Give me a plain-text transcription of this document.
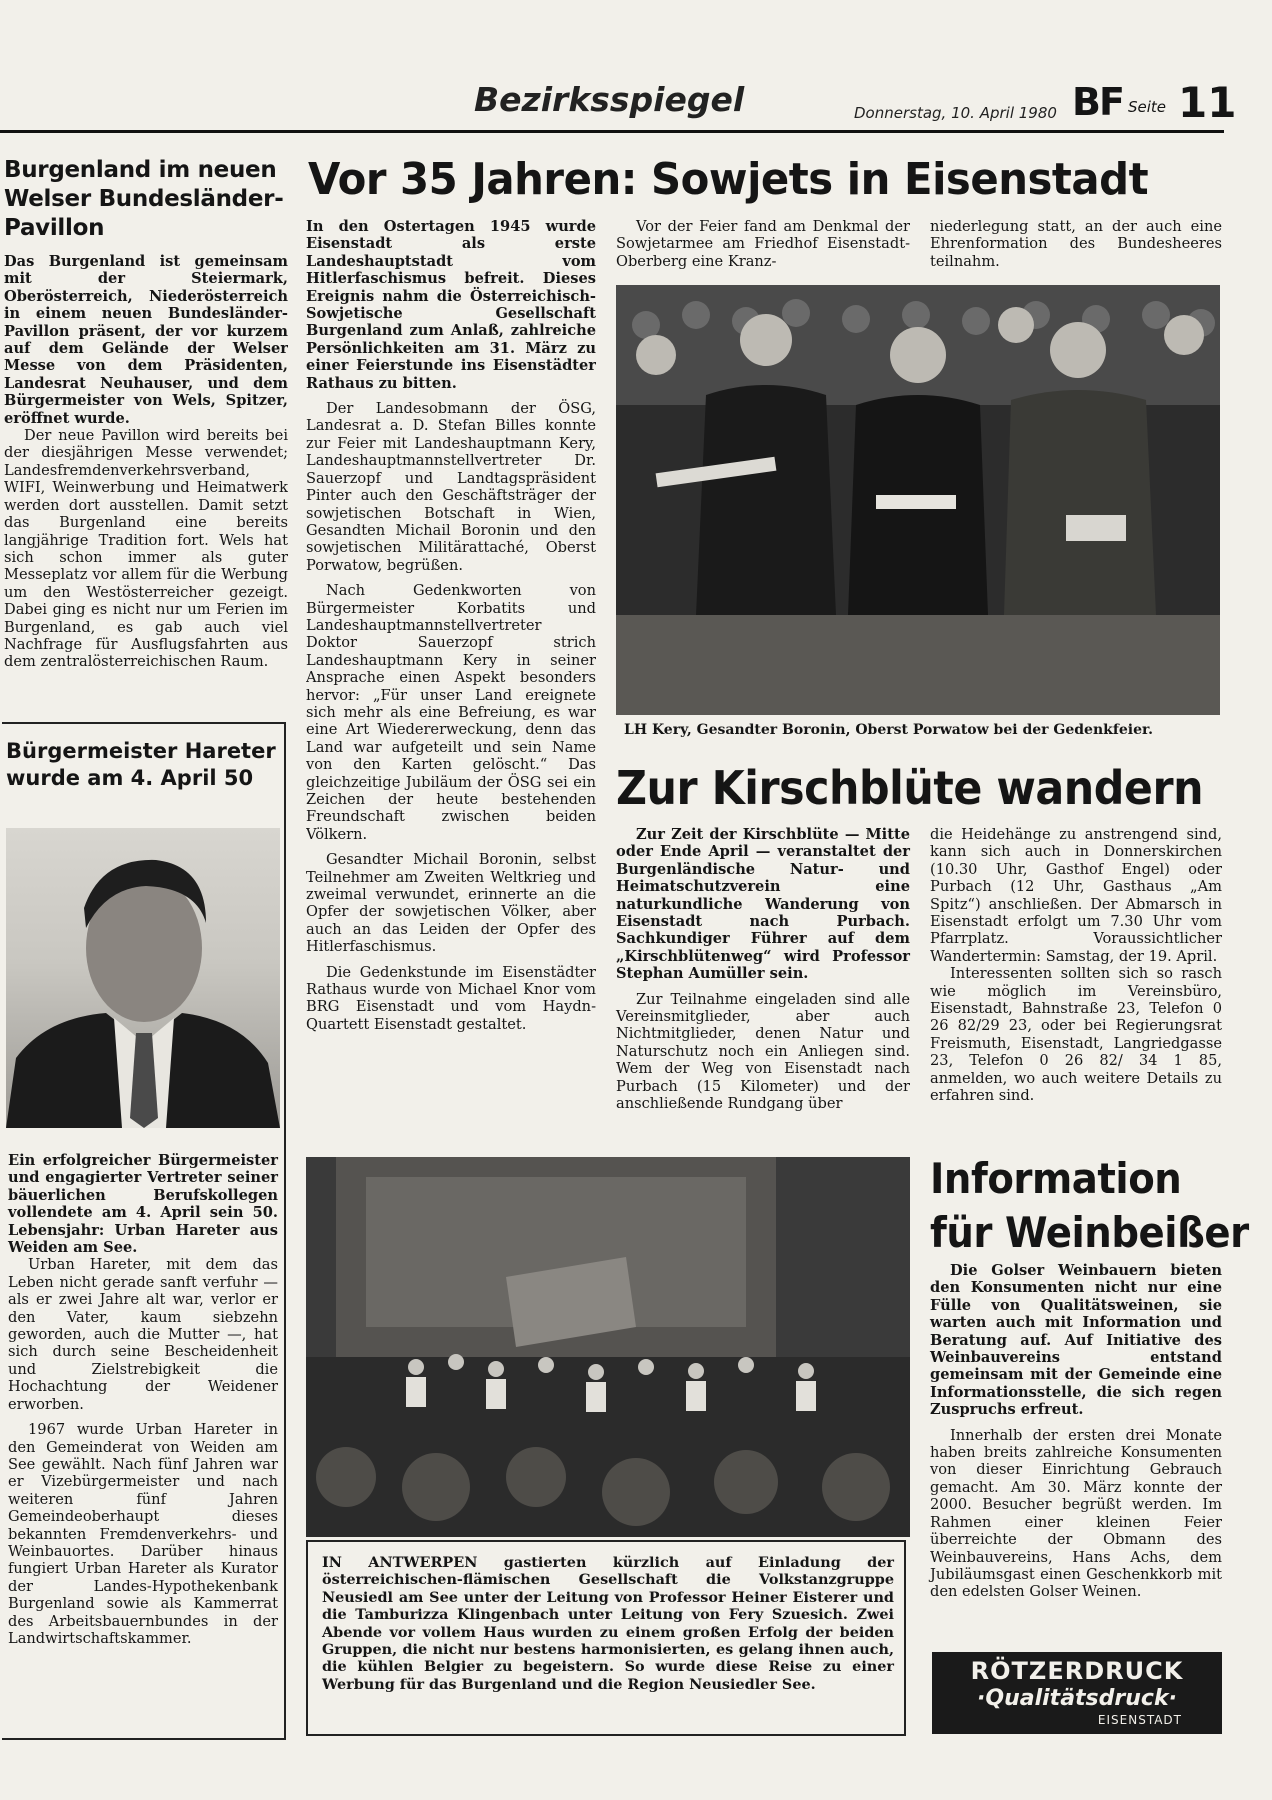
Bezirksspiegel	Donnerstag, 10. April 1980 BF Seite 11
Burgenland im neuen
Welser Bundesländer-
Pavillon

Das Burgenland ist gemeinsam mit der Steiermark, Oberösterreich, Niederösterreich in einem neuen Bundesländer-Pavillon präsent, der vor kurzem auf dem Gelände der Welser Messe von dem Präsidenten, Landesrat Neuhauser, und dem Bürgermeister von Wels, Spitzer, eröffnet wurde.

Der neue Pavillon wird bereits bei der diesjährigen Messe verwendet; Landesfremdenverkehrsverband, WIFI, Weinwerbung und Heimatwerk werden dort ausstellen. Damit setzt das Burgenland eine bereits langjährige Tradition fort. Wels hat sich schon immer als guter Messeplatz vor allem für die Werbung um den Westösterreicher gezeigt. Dabei ging es nicht nur um Ferien im Burgenland, es gab auch viel Nachfrage für Ausflugsfahrten aus dem zentralösterreichischen Raum.

Bürgermeister Hareter
wurde am 4. April 50

Ein erfolgreicher Bürgermeister und engagierter Vertreter seiner bäuerlichen Berufskollegen vollendete am 4. April sein 50. Lebensjahr: Urban Hareter aus Weiden am See.

Urban Hareter, mit dem das Leben nicht gerade sanft verfuhr — als er zwei Jahre alt war, verlor er den Vater, kaum siebzehn geworden, auch die Mutter —, hat sich durch seine Bescheidenheit und Zielstrebigkeit die Hochachtung der Weidener erworben.

1967 wurde Urban Hareter in den Gemeinderat von Weiden am See gewählt. Nach fünf Jahren war er Vizebürgermeister und nach weiteren fünf Jahren Gemeindeoberhaupt dieses bekannten Fremdenverkehrs- und Weinbauortes. Darüber hinaus fungiert Urban Hareter als Kurator der Landes-Hypothekenbank Burgenland sowie als Kammerrat des Arbeitsbauernbundes in der Landwirtschaftskammer.

Vor 35 Jahren: Sowjets in Eisenstadt

In den Ostertagen 1945 wurde Eisenstadt als erste Landeshauptstadt vom Hitlerfaschismus befreit. Dieses Ereignis nahm die Österreichisch-Sowjetische Gesellschaft Burgenland zum Anlaß, zahlreiche Persönlichkeiten am 31. März zu einer Feierstunde ins Eisenstädter Rathaus zu bitten.

Der Landesobmann der ÖSG, Landesrat a. D. Stefan Billes konnte zur Feier mit Landeshauptmann Kery, Landeshauptmannstellvertreter Dr. Sauerzopf und Landtagspräsident Pinter auch den Geschäftsträger der sowjetischen Botschaft in Wien, Gesandten Michail Boronin und den sowjetischen Militärattaché, Oberst Porwatow, begrüßen.

Nach Gedenkworten von Bürgermeister Korbatits und Landeshauptmannstellvertreter Doktor Sauerzopf strich Landeshauptmann Kery in seiner Ansprache einen Aspekt besonders hervor: „Für unser Land ereignete sich mehr als eine Befreiung, es war eine Art Wiedererweckung, denn das Land war aufgeteilt und sein Name von den Karten gelöscht.“ Das gleichzeitige Jubiläum der ÖSG sei ein Zeichen der heute bestehenden Freundschaft zwischen beiden Völkern.

Gesandter Michail Boronin, selbst Teilnehmer am Zweiten Weltkrieg und zweimal verwundet, erinnerte an die Opfer der sowjetischen Völker, aber auch an das Leiden der Opfer des Hitlerfaschismus.

Die Gedenkstunde im Eisenstädter Rathaus wurde von Michael Knor vom BRG Eisenstadt und vom Haydn-Quartett Eisenstadt gestaltet.

Vor der Feier fand am Denkmal der Sowjetarmee am Friedhof Eisenstadt-Oberberg eine Kranz-

niederlegung statt, an der auch eine Ehrenformation des Bundesheeres teilnahm.

LH Kery, Gesandter Boronin, Oberst Porwatow bei der Gedenkfeier.
Zur Kirschblüte wandern

Zur Zeit der Kirschblüte — Mitte oder Ende April — veranstaltet der Burgenländische Natur- und Heimatschutzverein eine naturkundliche Wanderung von Eisenstadt nach Purbach. Sachkundiger Führer auf dem „Kirschblütenweg“ wird Professor Stephan Aumüller sein.

Zur Teilnahme eingeladen sind alle Vereinsmitglieder, aber auch Nichtmitglieder, denen Natur und Naturschutz noch ein Anliegen sind. Wem der Weg von Eisenstadt nach Purbach (15 Kilometer) und der anschließende Rundgang über

die Heidehänge zu anstrengend sind, kann sich auch in Donnerskirchen (10.30 Uhr, Gasthof Engel) oder Purbach (12 Uhr, Gasthaus „Am Spitz“) anschließen. Der Abmarsch in Eisenstadt erfolgt um 7.30 Uhr vom Pfarrplatz. Voraussichtlicher Wandertermin: Samstag, der 19. April.

Interessenten sollten sich so rasch wie möglich im Vereinsbüro, Eisenstadt, Bahnstraße 23, Telefon 0 26 82/29 23, oder bei Regierungsrat Freismuth, Eisenstadt, Langriedgasse 23, Telefon 0 26 82/ 34 1 85, anmelden, wo auch weitere Details zu erfahren sind.

IN ANTWERPEN gastierten kürzlich auf Einladung der österreichischen-flämischen Gesellschaft die Volkstanzgruppe Neusiedl am See unter der Leitung von Professor Heiner Eisterer und die Tamburizza Klingenbach unter Leitung von Fery Szuesich. Zwei Abende vor vollem Haus wurden zu einem großen Erfolg der beiden Gruppen, die nicht nur bestens harmonisierten, es gelang ihnen auch, die kühlen Belgier zu begeistern. So wurde diese Reise zu einer Werbung für das Burgenland und die Region Neusiedler See.

Information
für Weinbeißer

Die Golser Weinbauern bieten den Konsumenten nicht nur eine Fülle von Qualitätsweinen, sie warten auch mit Information und Beratung auf. Auf Initiative des Weinbauvereins entstand gemeinsam mit der Gemeinde eine Informationsstelle, die sich regen Zuspruchs erfreut.

Innerhalb der ersten drei Monate haben breits zahlreiche Konsumenten von dieser Einrichtung Gebrauch gemacht. Am 30. März konnte der 2000. Besucher begrüßt werden. Im Rahmen einer kleinen Feier überreichte der Obmann des Weinbauvereins, Hans Achs, dem Jubiläumsgast einen Geschenkkorb mit den edelsten Golser Weinen.

RÖTZERDRUCK
·Qualitätsdruck·
EISENSTADT
